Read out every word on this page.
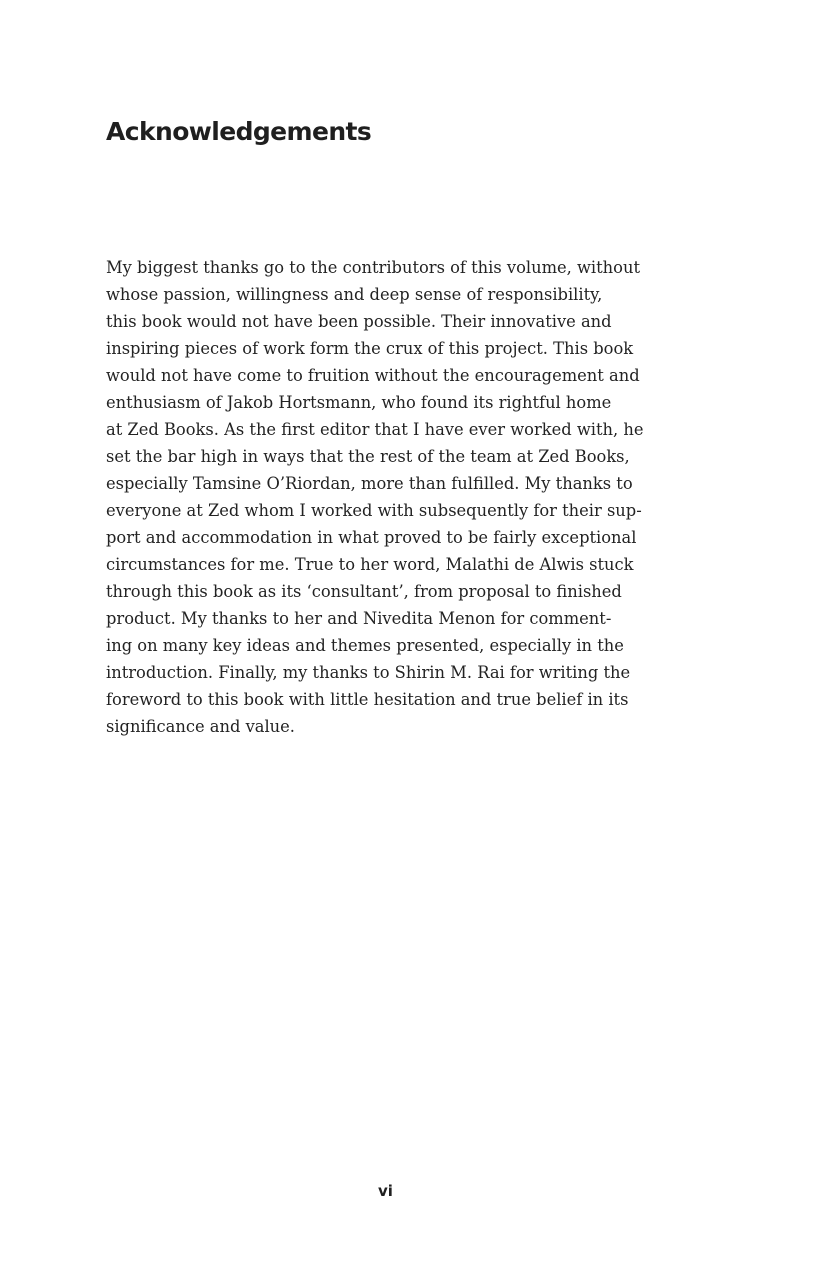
Acknowledgements

My biggest thanks go to the contributors of this volume, without
whose passion, willingness and deep sense of responsibility,
this book would not have been possible. Their innovative and
inspiring pieces of work form the crux of this project. This book
would not have come to fruition without the encouragement and
enthusiasm of Jakob Hortsmann, who found its rightful home
at Zed Books. As the first editor that I have ever worked with, he
set the bar high in ways that the rest of the team at Zed Books,
especially Tamsine O’Riordan, more than fulfilled. My thanks to
everyone at Zed whom I worked with subsequently for their sup-
port and accommodation in what proved to be fairly exceptional
circumstances for me. True to her word, Malathi de Alwis stuck
through this book as its ‘consultant’, from proposal to finished
product. My thanks to her and Nivedita Menon for comment-
ing on many key ideas and themes presented, especially in the
introduction. Finally, my thanks to Shirin M. Rai for writing the
foreword to this book with little hesitation and true belief in its
significance and value.

vi
